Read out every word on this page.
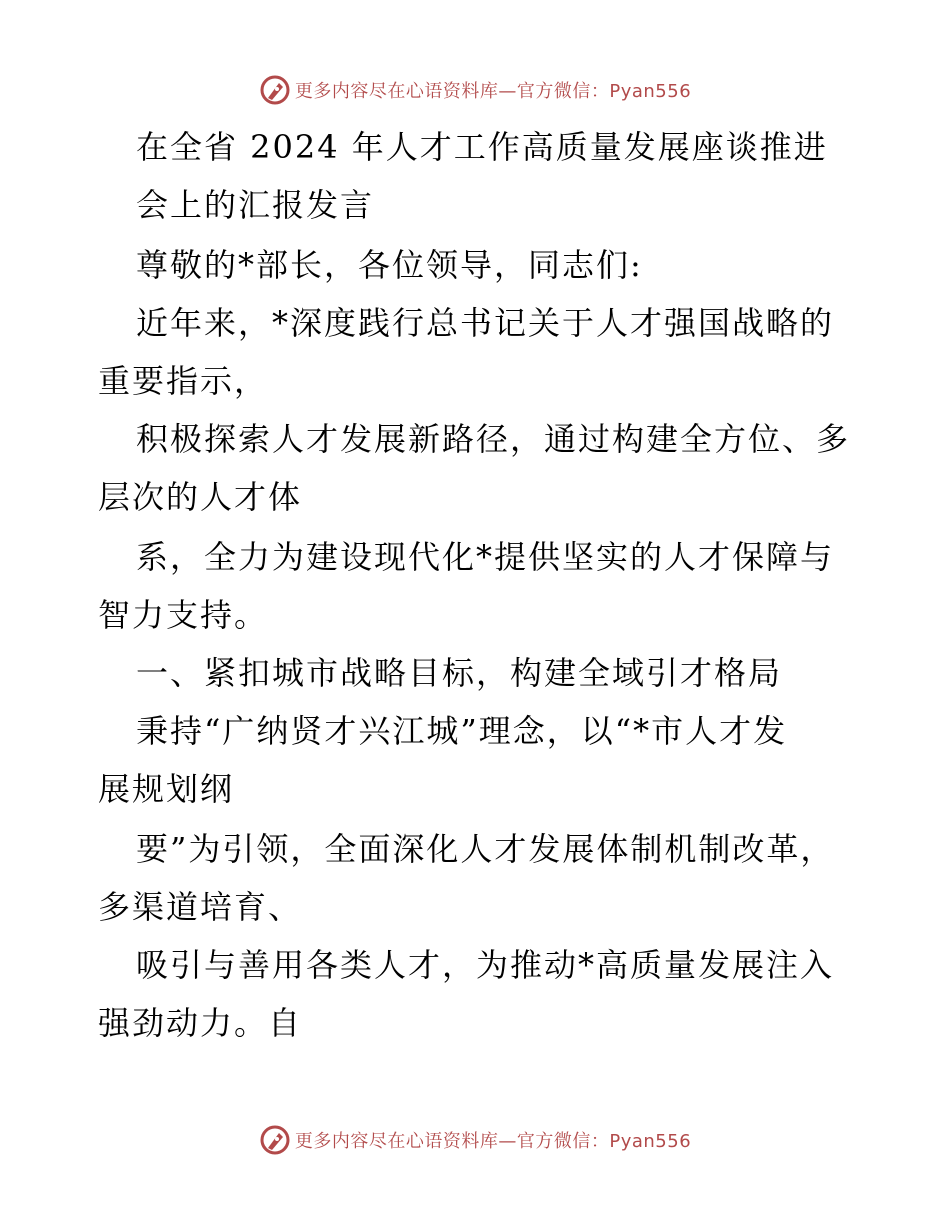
更多内容尽在心语资料库—官方微信：Pyan556
在全省 2024 年人才工作高质量发展座谈推进
会上的汇报发言
尊敬的*部长，各位领导，同志们:
近年来，*深度践行总书记关于人才强国战略的
重要指示，
积极探索人才发展新路径，通过构建全方位、多
层次的人才体
系，全力为建设现代化*提供坚实的人才保障与
智力支持。
一、紧扣城市战略目标，构建全域引才格局
秉持“广纳贤才兴江城”理念，以“*市人才发
展规划纲
要”为引领，全面深化人才发展体制机制改革，
多渠道培育、
吸引与善用各类人才，为推动*高质量发展注入
强劲动力。自
更多内容尽在心语资料库—官方微信：Pyan556
